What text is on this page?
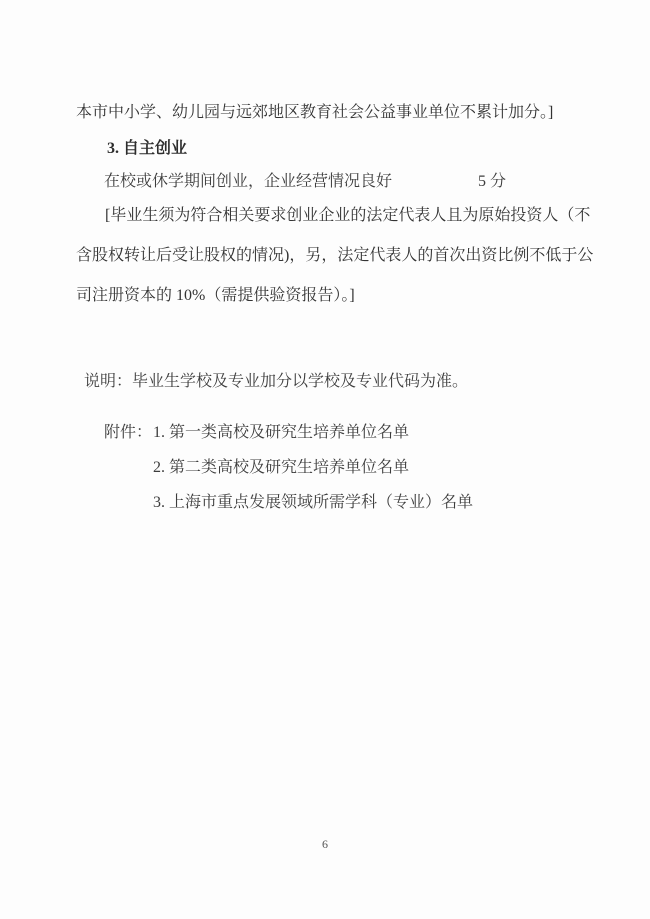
本市中小学、幼儿园与远郊地区教育社会公益事业单位不累计加分。]
3. 自主创业
在校或休学期间创业，企业经营情况良好	5 分
[毕业生须为符合相关要求创业企业的法定代表人且为原始投资人（不
含股权转让后受让股权的情况)，另，法定代表人的首次出资比例不低于公
司注册资本的 10%（需提供验资报告）。]
说明：毕业生学校及专业加分以学校及专业代码为准。
附件： 1. 第一类高校及研究生培养单位名单
2. 第二类高校及研究生培养单位名单
3. 上海市重点发展领域所需学科（专业）名单
6
